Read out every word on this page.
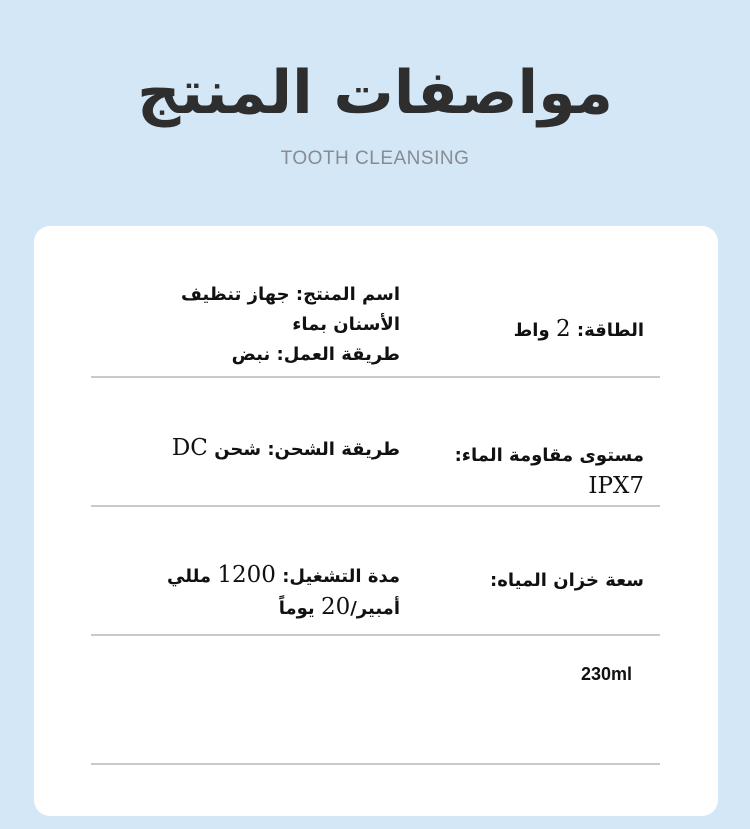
مواصفات المنتج
TOOTH CLEANSING
اسم المنتج: جهاز تنظيف الأسنان بماء
طريقة العمل: نبض
الطاقة: 2 واط
طريقة الشحن: شحن DC	مستوى مقاومة الماء:
IPX7
مدة التشغيل: 1200 مللي
أمبير/20 يوماً
سعة خزان المياه:
230ml
